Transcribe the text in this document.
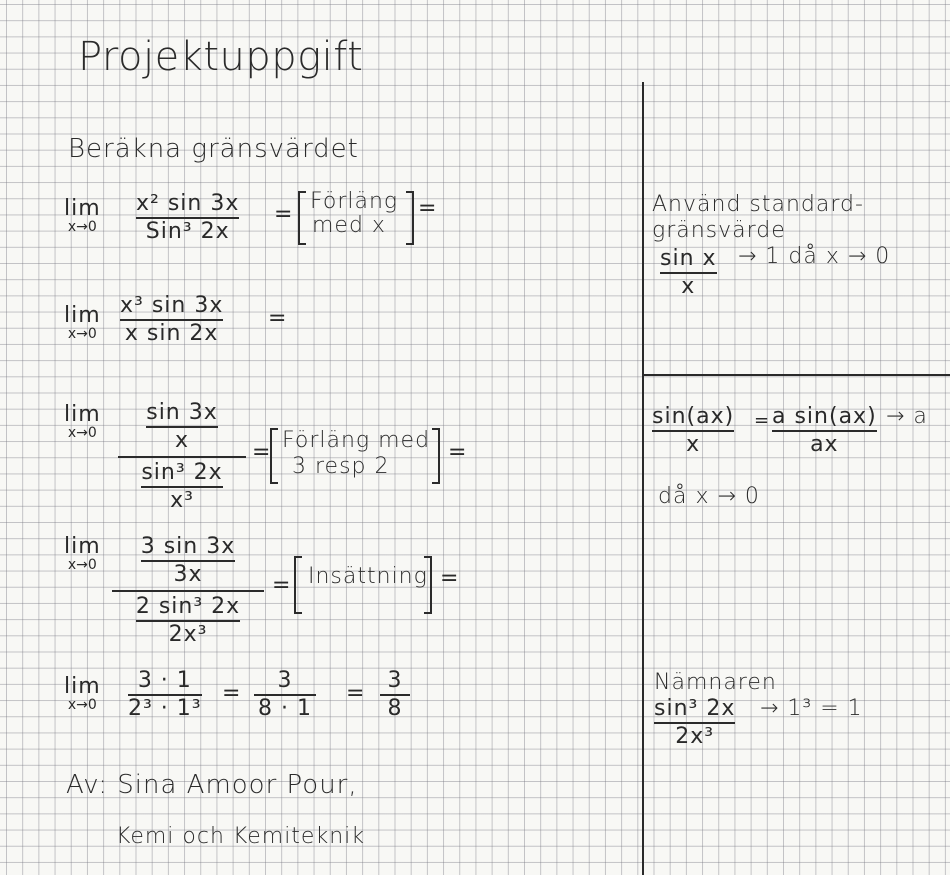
Projektuppgift
Beräkna gränsvärdet
lim
x→0
x² sin 3x
Sin³ 2x
=
Förläng
med x
=
lim
x→0
x³ sin 3x
x sin 2x
=
lim
$x\to 0 \frac{\sin 3x}{x}$
$\frac{\text{sin³ 2x}}{\text{x³}}$
= Förläng med
3 resp 2
=
lim
$x\to 0 \frac{3 \sin 3x}{3x}$
$\frac{\text{2 sin³ 2x}}{\text{2x³}}$
= Insättning =
lim
x→0
3 · 1
2³ · 1³
=
3
8 · 1
=
3
8
Av: Sina Amoor Pour,
Kemi och Kemiteknik
Använd standard-
gränsvärde
sin x
x
→ 1 då x → 0
sin(ax)
x
= a sin(ax)
ax
→ a
då x → 0
Nämnaren
sin³ 2x
2x³
→ 1³ = 1
